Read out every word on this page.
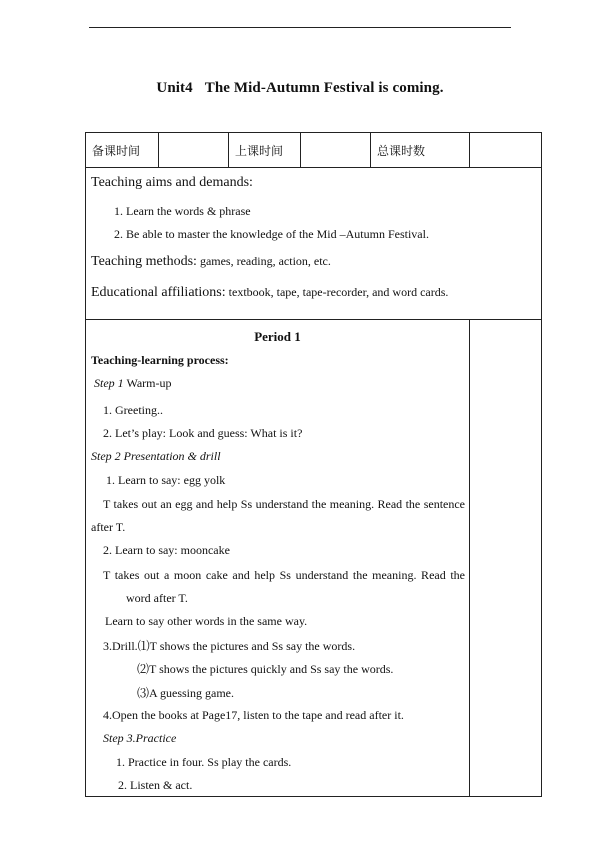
Unit4 The Mid-Autumn Festival is coming.
备课时间	上课时间	总课时数
Teaching aims and demands:
1. Learn the words & phrase
2. Be able to master the knowledge of the Mid –Autumn Festival.
Teaching methods: games, reading, action, etc.
Educational affiliations: textbook, tape, tape-recorder, and word cards.
Period 1
Teaching-learning process:
Step 1 Warm-up
1. Greeting..
2. Let’s play: Look and guess: What is it?
Step 2 Presentation & drill
1. Learn to say: egg yolk
T takes out an egg and help Ss understand the meaning. Read the sentence
after T.
2. Learn to say: mooncake
T takes out a moon cake and help Ss understand the meaning. Read the
word after T.
Learn to say other words in the same way.
3.Drill.⑴T shows the pictures and Ss say the words.
⑵T shows the pictures quickly and Ss say the words.
⑶A guessing game.
4.Open the books at Page17, listen to the tape and read after it.
Step 3.Practice
1. Practice in four. Ss play the cards.
2. Listen & act.
